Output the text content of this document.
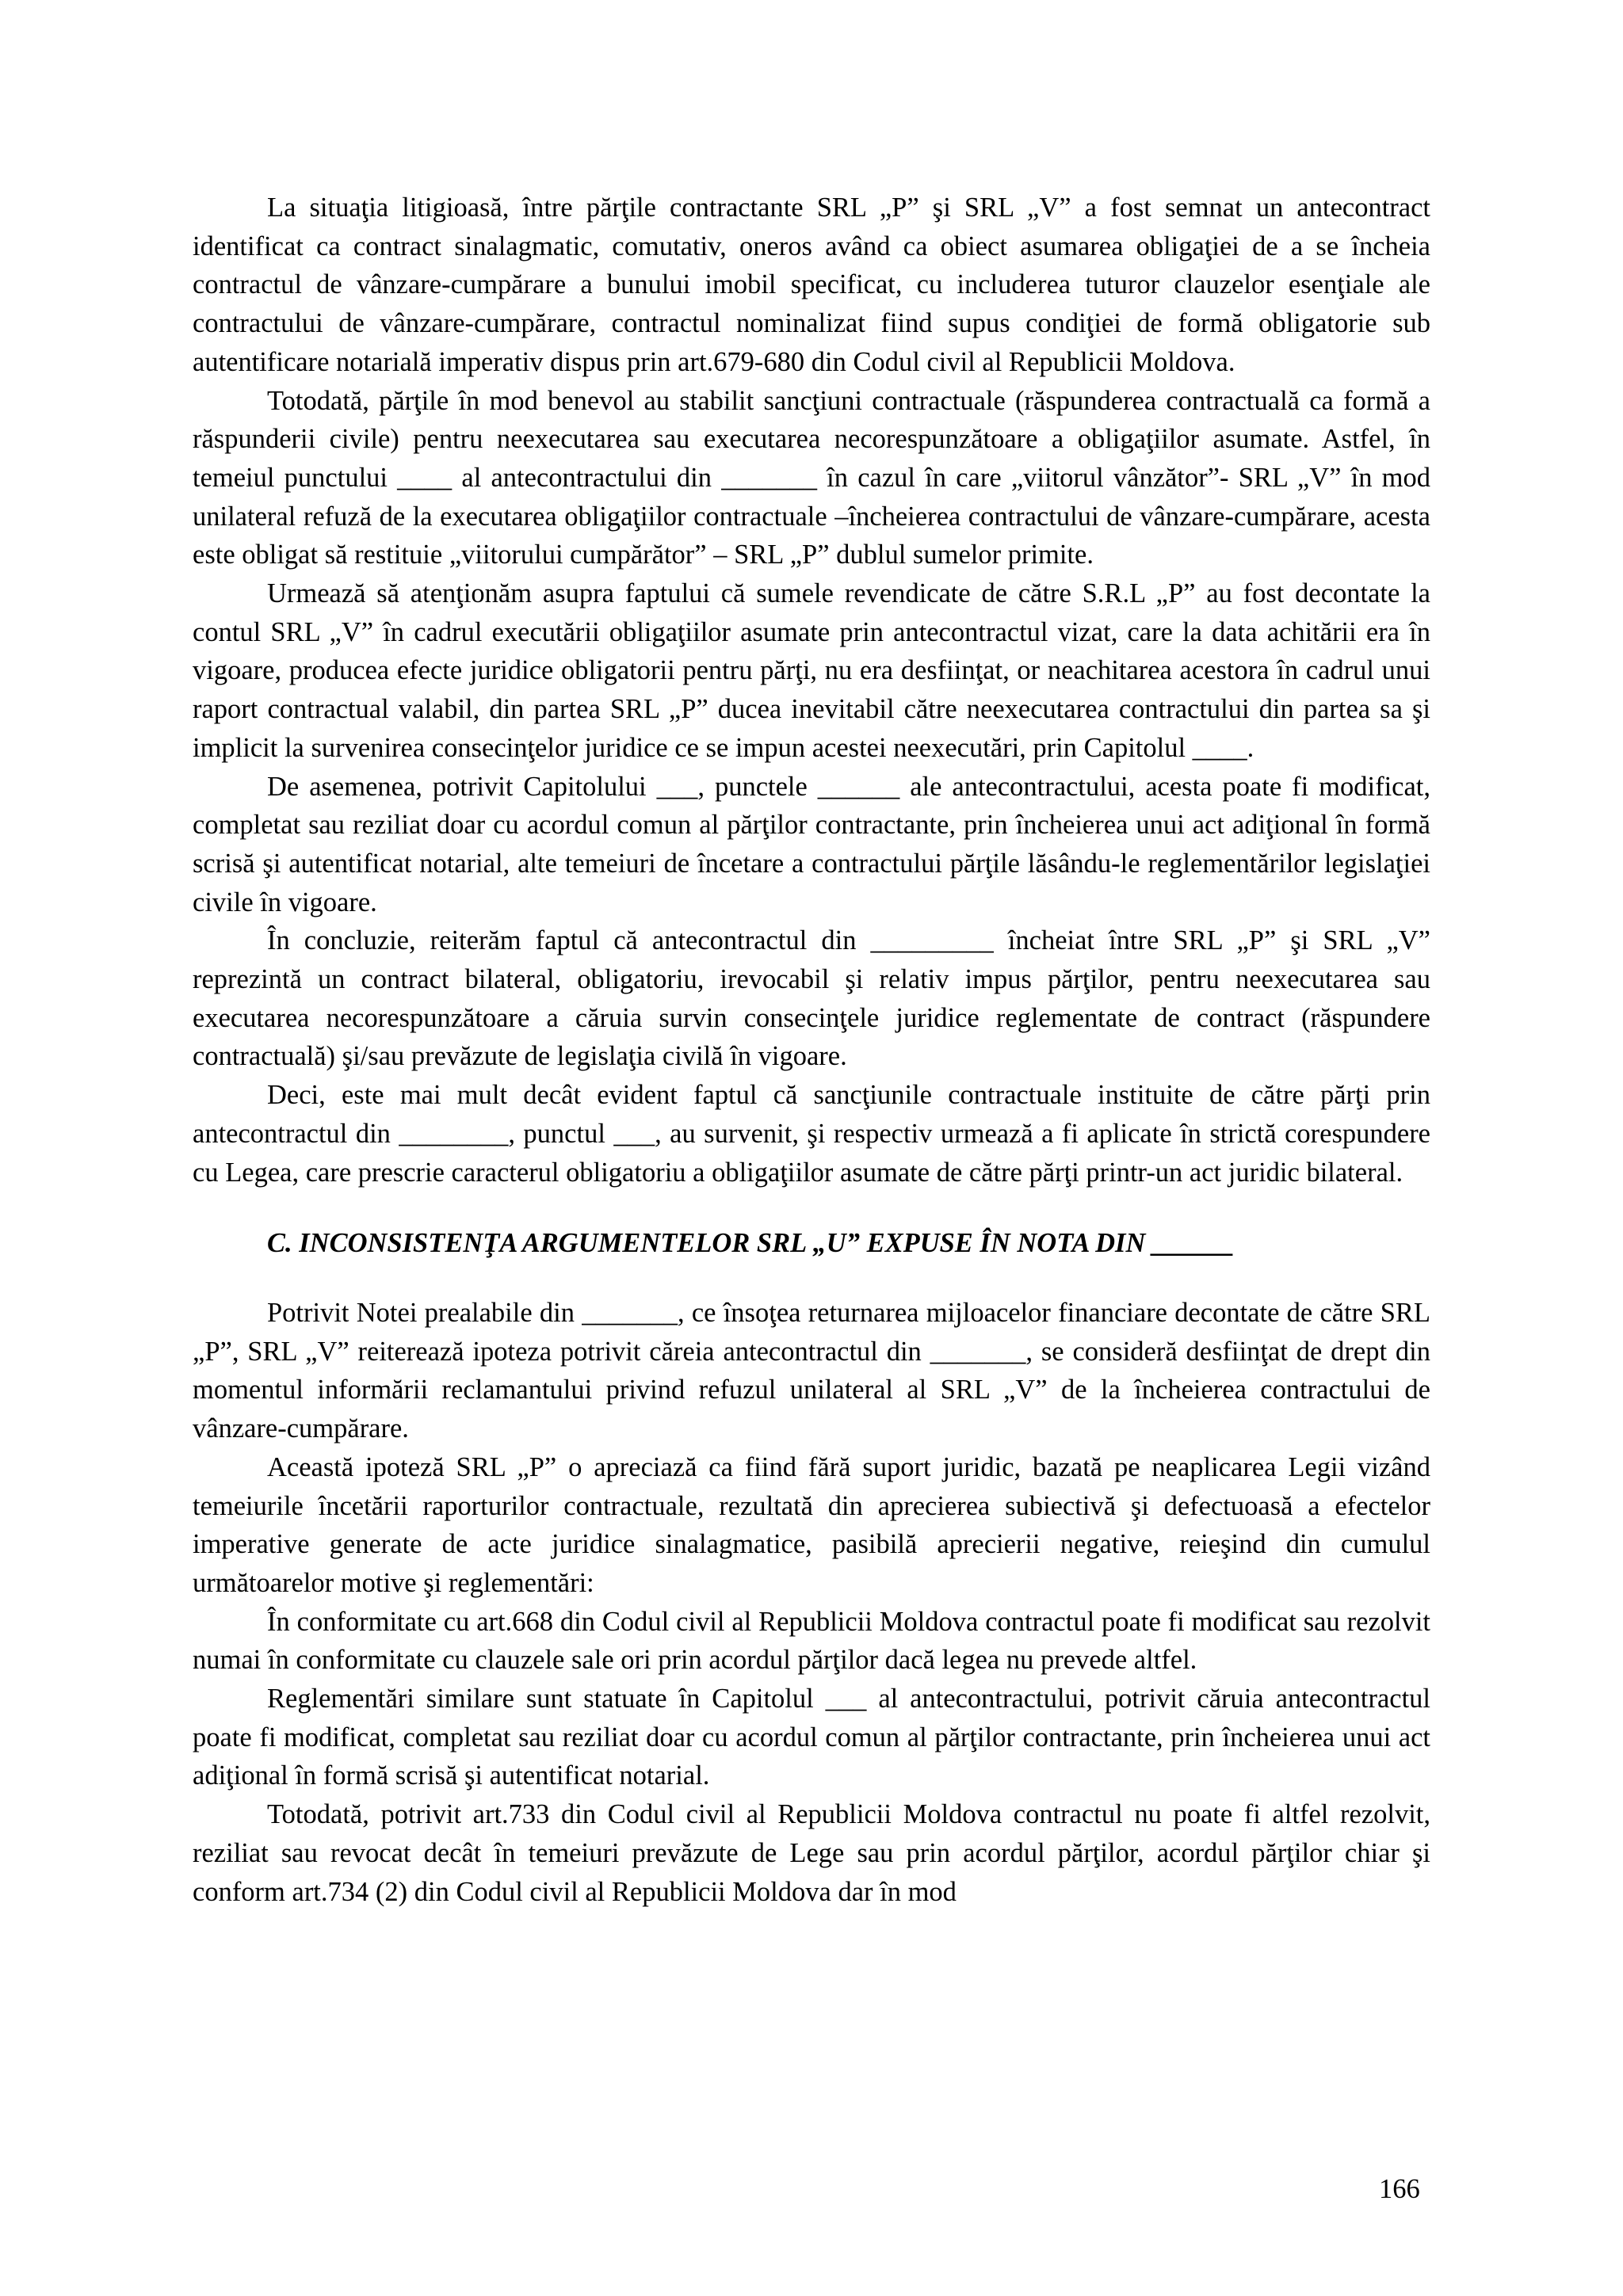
La situaţia litigioasă, între părţile contractante SRL „P” şi SRL „V” a fost semnat un antecontract identificat ca contract sinalagmatic, comutativ, oneros având ca obiect asumarea obligaţiei de a se încheia contractul de vânzare-cumpărare a bunului imobil specificat, cu includerea tuturor clauzelor esenţiale ale contractului de vânzare-cumpărare, contractul nominalizat fiind supus condiţiei de formă obligatorie sub autentificare notarială imperativ dispus prin art.679-680 din Codul civil al Republicii Moldova.

Totodată, părţile în mod benevol au stabilit sancţiuni contractuale (răspunderea contractuală ca formă a răspunderii civile) pentru neexecutarea sau executarea necorespunzătoare a obligaţiilor asumate. Astfel, în temeiul punctului ____ al antecontractului din _______ în cazul în care „viitorul vânzător”- SRL „V” în mod unilateral refuză de la executarea obligaţiilor contractuale –încheierea contractului de vânzare-cumpărare, acesta este obligat să restituie „viitorului cumpărător” – SRL „P” dublul sumelor primite.

Urmează să atenţionăm asupra faptului că sumele revendicate de către S.R.L „P” au fost decontate la contul SRL „V” în cadrul executării obligaţiilor asumate prin antecontractul vizat, care la data achitării era în vigoare, producea efecte juridice obligatorii pentru părţi, nu era desfiinţat, or neachitarea acestora în cadrul unui raport contractual valabil, din partea SRL „P” ducea inevitabil către neexecutarea contractului din partea sa şi implicit la survenirea consecinţelor juridice ce se impun acestei neexecutări, prin Capitolul ____.

De asemenea, potrivit Capitolului ___, punctele ______ ale antecontractului, acesta poate fi modificat, completat sau reziliat doar cu acordul comun al părţilor contractante, prin încheierea unui act adiţional în formă scrisă şi autentificat notarial, alte temeiuri de încetare a contractului părţile lăsându-le reglementărilor legislaţiei civile în vigoare.

În concluzie, reiterăm faptul că antecontractul din _________ încheiat între SRL „P” şi SRL „V” reprezintă un contract bilateral, obligatoriu, irevocabil şi relativ impus părţilor, pentru neexecutarea sau executarea necorespunzătoare a căruia survin consecinţele juridice reglementate de contract (răspundere contractuală) şi/sau prevăzute de legislaţia civilă în vigoare.

Deci, este mai mult decât evident faptul că sancţiunile contractuale instituite de către părţi prin antecontractul din ________, punctul ___, au survenit, şi respectiv urmează a fi aplicate în strictă corespundere cu Legea, care prescrie caracterul obligatoriu a obligaţiilor asumate de către părţi printr-un act juridic bilateral.

C. INCONSISTENŢA ARGUMENTELOR SRL „U” EXPUSE ÎN NOTA DIN ______

Potrivit Notei prealabile din _______, ce însoţea returnarea mijloacelor financiare decontate de către SRL „P”, SRL „V” reiterează ipoteza potrivit căreia antecontractul din _______, se consideră desfiinţat de drept din momentul informării reclamantului privind refuzul unilateral al SRL „V” de la încheierea contractului de vânzare-cumpărare.

Această ipoteză SRL „P” o apreciază ca fiind fără suport juridic, bazată pe neaplicarea Legii vizând temeiurile încetării raporturilor contractuale, rezultată din aprecierea subiectivă şi defectuoasă a efectelor imperative generate de acte juridice sinalagmatice, pasibilă aprecierii negative, reieşind din cumulul următoarelor motive şi reglementări:

În conformitate cu art.668 din Codul civil al Republicii Moldova contractul poate fi modificat sau rezolvit numai în conformitate cu clauzele sale ori prin acordul părţilor dacă legea nu prevede altfel.

Reglementări similare sunt statuate în Capitolul ___ al antecontractului, potrivit căruia antecontractul poate fi modificat, completat sau reziliat doar cu acordul comun al părţilor contractante, prin încheierea unui act adiţional în formă scrisă şi autentificat notarial.

Totodată, potrivit art.733 din Codul civil al Republicii Moldova contractul nu poate fi altfel rezolvit, reziliat sau revocat decât în temeiuri prevăzute de Lege sau prin acordul părţilor, acordul părţilor chiar şi conform art.734 (2) din Codul civil al Republicii Moldova dar în mod

166
